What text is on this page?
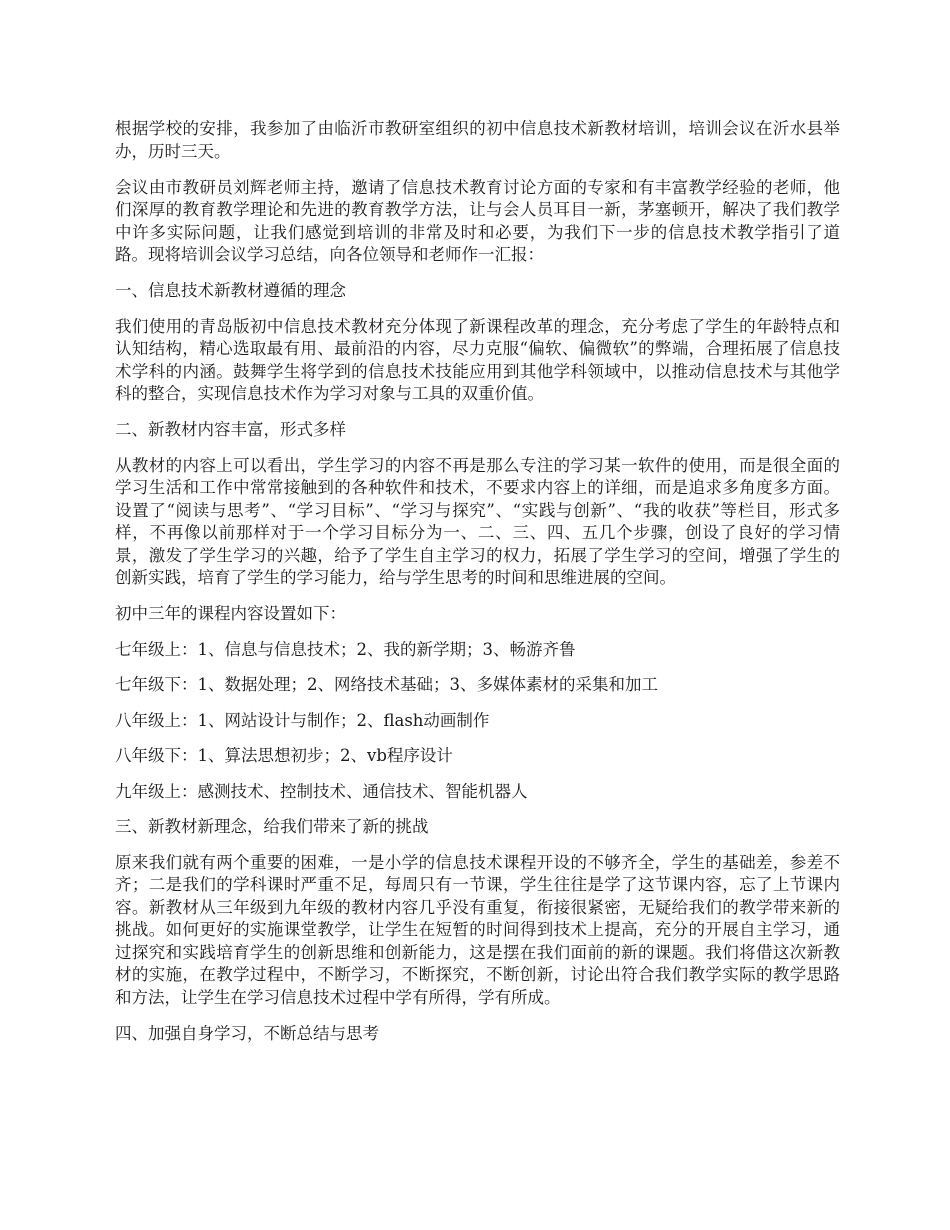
根据学校的安排，我参加了由临沂市教研室组织的初中信息技术新教材培训，培训会议在沂水县举办，历时三天。

会议由市教研员刘辉老师主持，邀请了信息技术教育讨论方面的专家和有丰富教学经验的老师，他们深厚的教育教学理论和先进的教育教学方法，让与会人员耳目一新，茅塞顿开，解决了我们教学中许多实际问题，让我们感觉到培训的非常及时和必要，为我们下一步的信息技术教学指引了道路。现将培训会议学习总结，向各位领导和老师作一汇报：

一、信息技术新教材遵循的理念

我们使用的青岛版初中信息技术教材充分体现了新课程改革的理念，充分考虑了学生的年龄特点和认知结构，精心选取最有用、最前沿的内容，尽力克服“偏软、偏微软”的弊端，合理拓展了信息技术学科的内涵。鼓舞学生将学到的信息技术技能应用到其他学科领域中，以推动信息技术与其他学科的整合，实现信息技术作为学习对象与工具的双重价值。

二、新教材内容丰富，形式多样

从教材的内容上可以看出，学生学习的内容不再是那么专注的学习某一软件的使用，而是很全面的学习生活和工作中常常接触到的各种软件和技术，不要求内容上的详细，而是追求多角度多方面。设置了“阅读与思考”、“学习目标”、“学习与探究”、“实践与创新”、“我的收获”等栏目，形式多样，不再像以前那样对于一个学习目标分为一、二、三、四、五几个步骤，创设了良好的学习情景，激发了学生学习的兴趣，给予了学生自主学习的权力，拓展了学生学习的空间，增强了学生的创新实践，培育了学生的学习能力，给与学生思考的时间和思维进展的空间。

初中三年的课程内容设置如下：

七年级上：1、信息与信息技术；2、我的新学期；3、畅游齐鲁

七年级下：1、数据处理；2、网络技术基础；3、多媒体素材的采集和加工

八年级上：1、网站设计与制作；2、flash动画制作

八年级下：1、算法思想初步；2、vb程序设计

九年级上：感测技术、控制技术、通信技术、智能机器人

三、新教材新理念，给我们带来了新的挑战

原来我们就有两个重要的困难，一是小学的信息技术课程开设的不够齐全，学生的基础差，参差不齐；二是我们的学科课时严重不足，每周只有一节课，学生往往是学了这节课内容，忘了上节课内容。新教材从三年级到九年级的教材内容几乎没有重复，衔接很紧密，无疑给我们的教学带来新的挑战。如何更好的实施课堂教学，让学生在短暂的时间得到技术上提高，充分的开展自主学习，通过探究和实践培育学生的创新思维和创新能力，这是摆在我们面前的新的课题。我们将借这次新教材的实施，在教学过程中，不断学习，不断探究，不断创新，讨论出符合我们教学实际的教学思路和方法，让学生在学习信息技术过程中学有所得，学有所成。

四、加强自身学习，不断总结与思考
